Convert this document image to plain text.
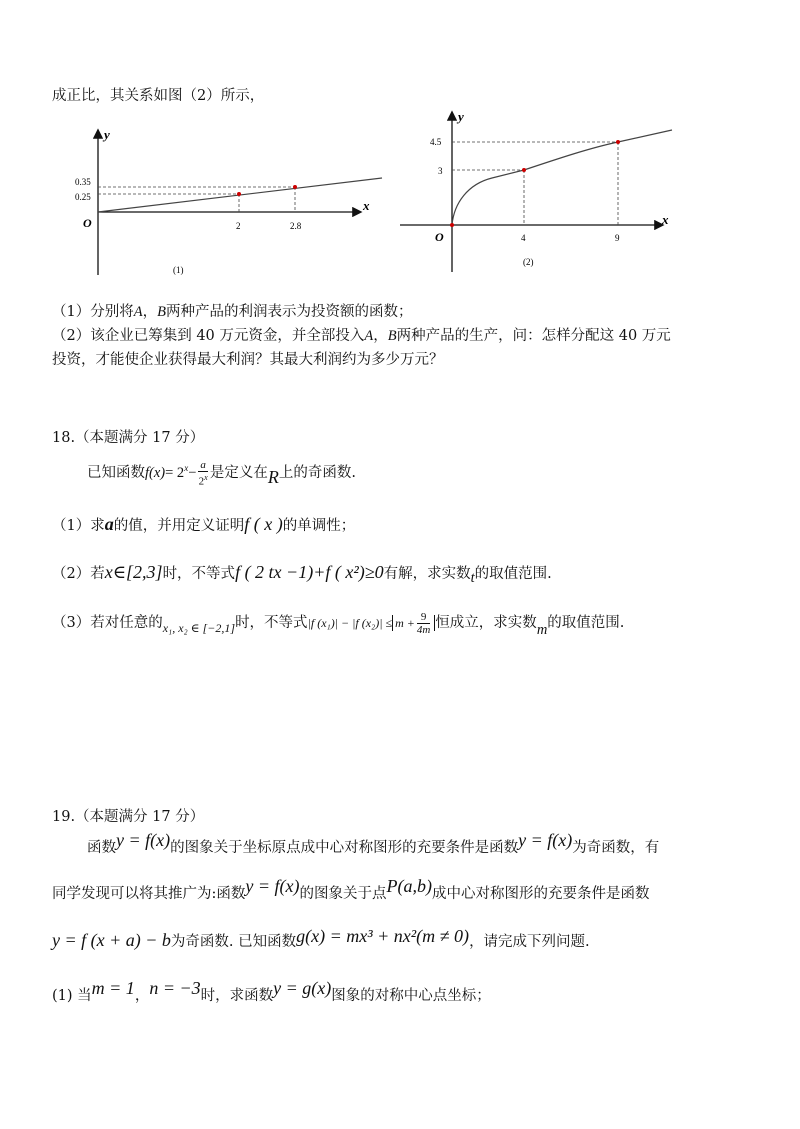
成正比，其关系如图（2）所示，
y
x
O
0.35
0.25
2	2.8
(1)
y
x
O
4.5
3
4	9
(2)
（1）分别将A，B两种产品的利润表示为投资额的函数；
（2）该企业已筹集到 40 万元资金，并全部投入A，B两种产品的生产，问：怎样分配这 40 万元
投资，才能使企业获得最大利润？其最大利润约为多少万元？
18.（本题满分 17 分）
已知函数$f(x)= 2^x- \frac{a}{2^x}$ 是定义在R上的奇函数.
（1）求a的值，并用定义证明f ( x )的单调性；
（2）若x∈[2,3]时，不等式f ( 2 tx −1)+f ( x²)≥0有解，求实数t的取值范围.
（3）若对任意的$_{x_1, x_2 \in [-2,1]}$时，不等式|f (x₁)| − |f $(x_2)| \le m + \frac{9}{4m}$ 恒成立，求实数m的取值范围.
19.（本题满分 17 分）
函数y = f(x)的图象关于坐标原点成中心对称图形的充要条件是函数y = f(x)为奇函数，有
同学发现可以将其推广为:函数y = f(x)的图象关于点P(a,b)成中心对称图形的充要条件是函数
y = f (x + a) − b为奇函数. 已知函数g(x) = mx³ + nx²(m ≠ 0)，请完成下列问题.
(1) 当m = 1，n = −3时，求函数y = g(x)图象的对称中心点坐标；
